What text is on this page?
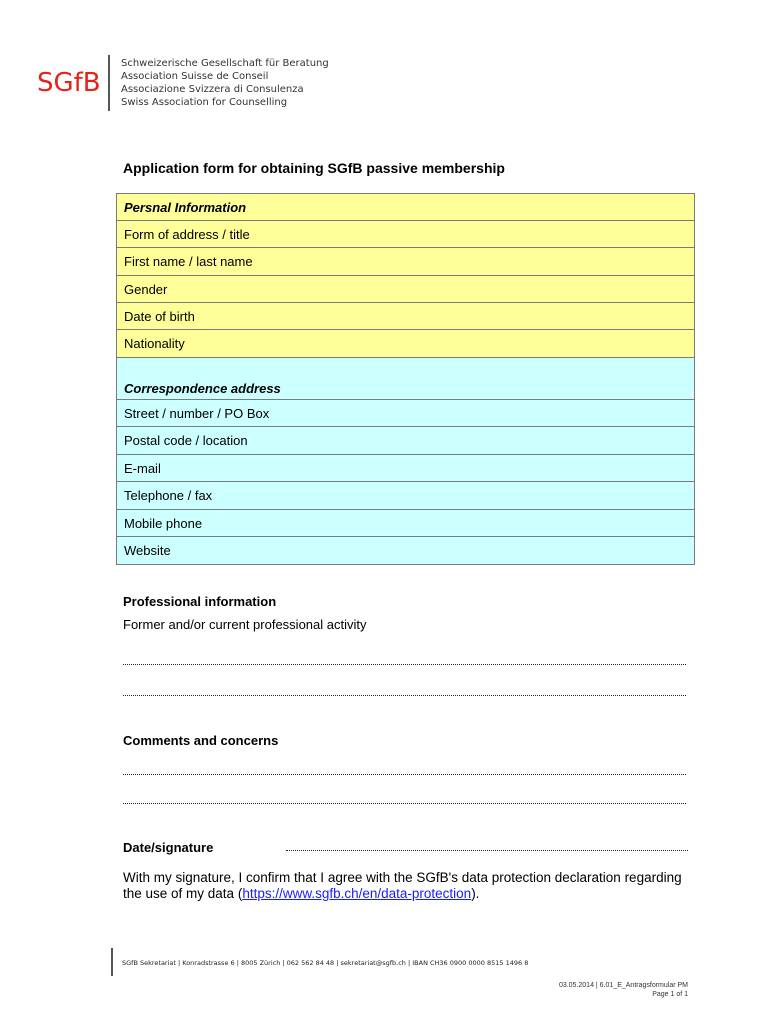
SGfB
Schweizerische Gesellschaft für Beratung
Association Suisse de Conseil
Associazione Svizzera di Consulenza
Swiss Association for Counselling
Application form for obtaining SGfB passive membership
Persnal Information
Form of address / title
First name / last name
Gender
Date of birth
Nationality
Correspondence address
Street / number / PO Box
Postal code / location
E-mail
Telephone / fax
Mobile phone
Website
Professional information
Former and/or current professional activity
Comments and concerns
Date/signature
With my signature, I confirm that I agree with the SGfB's data protection declaration regarding the use of my data (https://www.sgfb.ch/en/data-protection).
SGfB Sekretariat | Konradstrasse 6 | 8005 Zürich | 062 562 84 48 | sekretariat@sgfb.ch | IBAN CH36 0900 0000 8515 1496 8
03.05.2014 | 6.01_E_Antragsformular PM
Page 1 of 1
